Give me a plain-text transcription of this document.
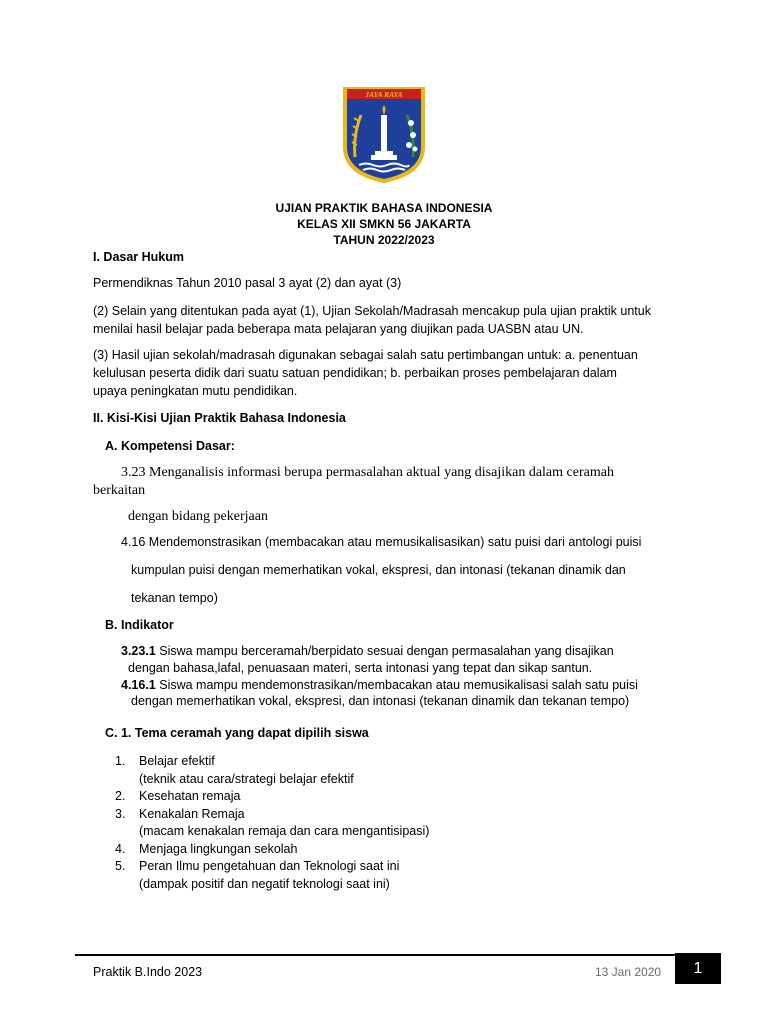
JAYA RAYA
UJIAN PRAKTIK BAHASA INDONESIA
KELAS XII SMKN 56 JAKARTA
TAHUN 2022/2023
I. Dasar Hukum
Permendiknas Tahun 2010 pasal 3 ayat (2) dan ayat (3)
(2) Selain yang ditentukan pada ayat (1), Ujian Sekolah/Madrasah mencakup pula ujian praktik untuk
menilai hasil belajar pada beberapa mata pelajaran yang diujikan pada UASBN atau UN.
(3) Hasil ujian sekolah/madrasah digunakan sebagai salah satu pertimbangan untuk: a. penentuan
kelulusan peserta didik dari suatu satuan pendidikan; b. perbaikan proses pembelajaran dalam
upaya peningkatan mutu pendidikan.
II. Kisi-Kisi Ujian Praktik Bahasa Indonesia
A. Kompetensi Dasar:
3.23 Menganalisis informasi berupa permasalahan aktual yang disajikan dalam ceramah
berkaitan
dengan bidang pekerjaan
4.16 Mendemonstrasikan (membacakan atau memusikalisasikan) satu puisi dari antologi puisi
kumpulan puisi dengan memerhatikan vokal, ekspresi, dan intonasi (tekanan dinamik dan
tekanan tempo)
B. Indikator
3.23.1 Siswa mampu berceramah/berpidato sesuai dengan permasalahan yang disajikan
dengan bahasa,lafal, penuasaan materi, serta intonasi yang tepat dan sikap santun.
4.16.1 Siswa mampu mendemonstrasikan/membacakan atau memusikalisasi salah satu puisi
dengan memerhatikan vokal, ekspresi, dan intonasi (tekanan dinamik dan tekanan tempo)
C. 1. Tema ceramah yang dapat dipilih siswa
1. Belajar efektif
(teknik atau cara/strategi belajar efektif
2. Kesehatan remaja
3. Kenakalan Remaja
(macam kenakalan remaja dan cara mengantisipasi)
4. Menjaga lingkungan sekolah
5. Peran Ilmu pengetahuan dan Teknologi saat ini
(dampak positif dan negatif teknologi saat ini)
Praktik B.Indo 2023	13 Jan 2020	1
